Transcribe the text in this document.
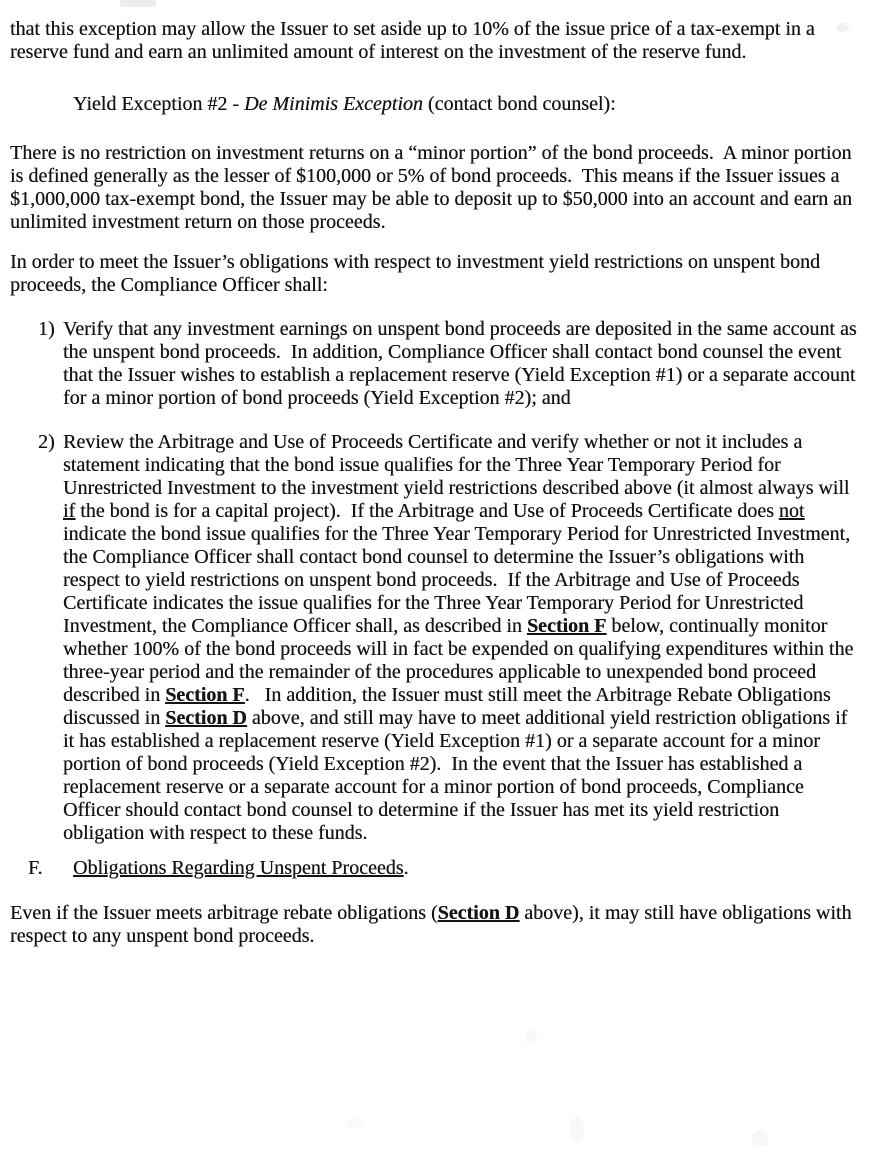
that this exception may allow the Issuer to set aside up to 10% of the issue price of a tax-exempt in a reserve fund and earn an unlimited amount of interest on the investment of the reserve fund.
Yield Exception #2 - De Minimis Exception (contact bond counsel):
There is no restriction on investment returns on a “minor portion” of the bond proceeds.  A minor portion is defined generally as the lesser of $100,000 or 5% of bond proceeds.  This means if the Issuer issues a $1,000,000 tax-exempt bond, the Issuer may be able to deposit up to $50,000 into an account and earn an unlimited investment return on those proceeds.
In order to meet the Issuer’s obligations with respect to investment yield restrictions on unspent bond proceeds, the Compliance Officer shall:
1) Verify that any investment earnings on unspent bond proceeds are deposited in the same account as the unspent bond proceeds.  In addition, Compliance Officer shall contact bond counsel the event that the Issuer wishes to establish a replacement reserve (Yield Exception #1) or a separate account for a minor portion of bond proceeds (Yield Exception #2); and
2) Review the Arbitrage and Use of Proceeds Certificate and verify whether or not it includes a statement indicating that the bond issue qualifies for the Three Year Temporary Period for Unrestricted Investment to the investment yield restrictions described above (it almost always will if the bond is for a capital project).  If the Arbitrage and Use of Proceeds Certificate does not indicate the bond issue qualifies for the Three Year Temporary Period for Unrestricted Investment, the Compliance Officer shall contact bond counsel to determine the Issuer’s obligations with respect to yield restrictions on unspent bond proceeds.  If the Arbitrage and Use of Proceeds Certificate indicates the issue qualifies for the Three Year Temporary Period for Unrestricted Investment, the Compliance Officer shall, as described in Section F below, continually monitor whether 100% of the bond proceeds will in fact be expended on qualifying expenditures within the three-year period and the remainder of the procedures applicable to unexpended bond proceed described in Section F.   In addition, the Issuer must still meet the Arbitrage Rebate Obligations discussed in Section D above, and still may have to meet additional yield restriction obligations if it has established a replacement reserve (Yield Exception #1) or a separate account for a minor portion of bond proceeds (Yield Exception #2).  In the event that the Issuer has established a replacement reserve or a separate account for a minor portion of bond proceeds, Compliance Officer should contact bond counsel to determine if the Issuer has met its yield restriction obligation with respect to these funds.
F. Obligations Regarding Unspent Proceeds.
Even if the Issuer meets arbitrage rebate obligations (Section D above), it may still have obligations with respect to any unspent bond proceeds.
